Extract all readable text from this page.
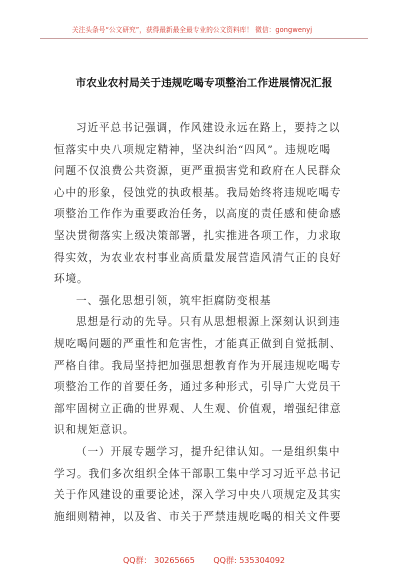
关注头条号“公文研究”，获得最新最全最专业的公文资料库！ 微信：gongwenyj
市农业农村局关于违规吃喝专项整治工作进展情况汇报
习近平总书记强调，作风建设永远在路上，要持之以
恒落实中央八项规定精神，坚决纠治“四风”。违规吃喝
问题不仅浪费公共资源，更严重损害党和政府在人民群众
心中的形象，侵蚀党的执政根基。我局始终将违规吃喝专
项整治工作作为重要政治任务，以高度的责任感和使命感
坚决贯彻落实上级决策部署，扎实推进各项工作，力求取
得实效，为农业农村事业高质量发展营造风清气正的良好
环境。
一、强化思想引领，筑牢拒腐防变根基
思想是行动的先导。只有从思想根源上深刻认识到违
规吃喝问题的严重性和危害性，才能真正做到自觉抵制、
严格自律。我局坚持把加强思想教育作为开展违规吃喝专
项整治工作的首要任务，通过多种形式，引导广大党员干
部牢固树立正确的世界观、人生观、价值观，增强纪律意
识和规矩意识。
（一）开展专题学习，提升纪律认知。一是组织集中
学习。我们多次组织全体干部职工集中学习习近平总书记
关于作风建设的重要论述，深入学习中央八项规定及其实
施细则精神，以及省、市关于严禁违规吃喝的相关文件要
QQ群： 30265665 QQ群: 535304092
